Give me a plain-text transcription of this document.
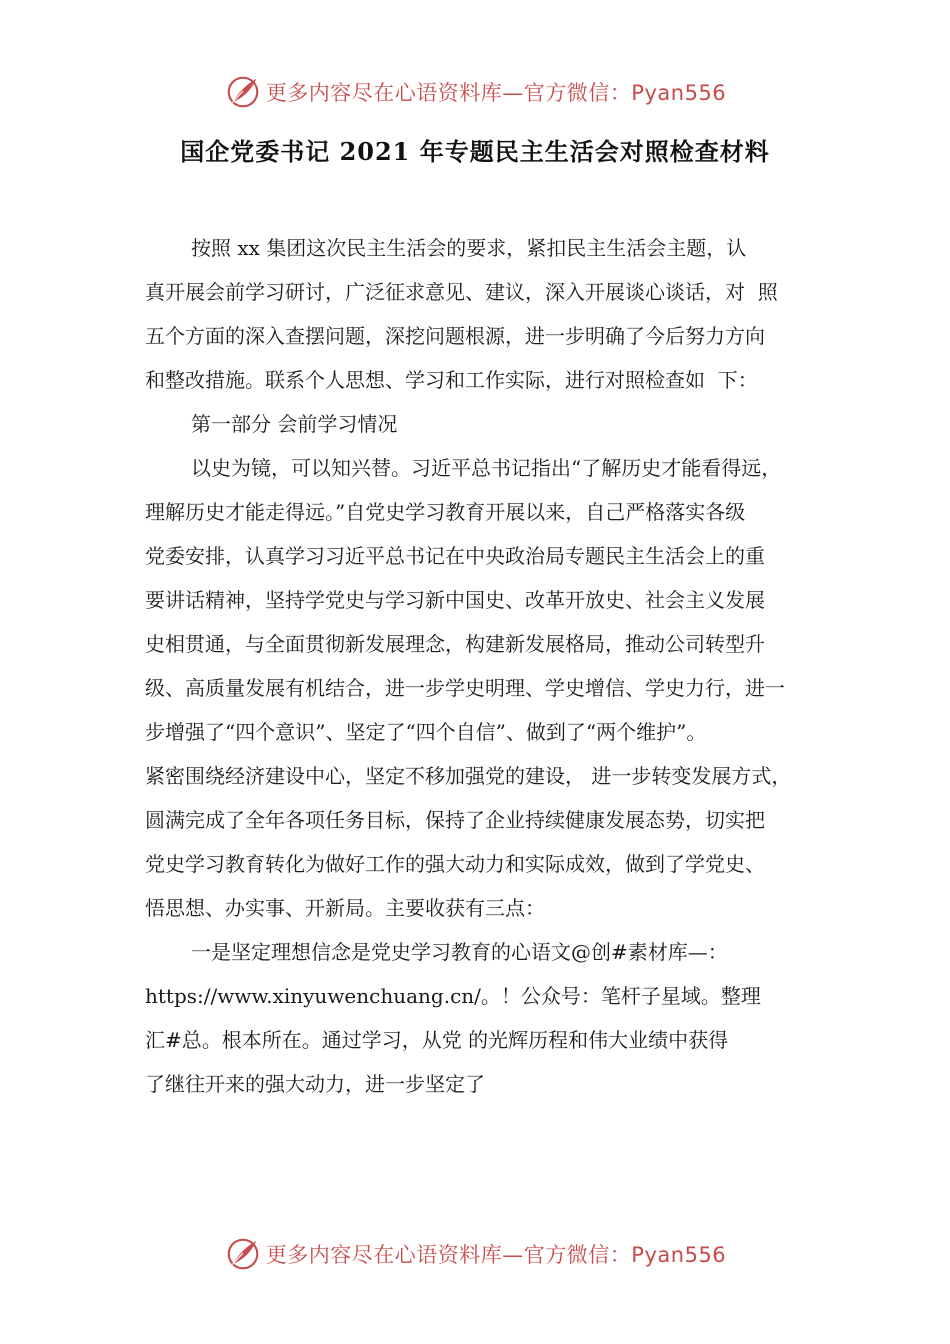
更多内容尽在心语资料库—官方微信：Pyan556
国企党委书记 2021 年专题民主生活会对照检查材料
按照 xx 集团这次民主生活会的要求，紧扣民主生活会主题，认
真开展会前学习研讨，广泛征求意见、建议，深入开展谈心谈话，对  照
五个方面的深入查摆问题，深挖问题根源，进一步明确了今后努力方向
和整改措施。联系个人思想、学习和工作实际，进行对照检查如  下：
第一部分 会前学习情况
以史为镜，可以知兴替。习近平总书记指出“了解历史才能看得远，
理解历史才能走得远。”自党史学习教育开展以来，自己严格落实各级
党委安排，认真学习习近平总书记在中央政治局专题民主生活会上的重
要讲话精神，坚持学党史与学习新中国史、改革开放史、社会主义发展
史相贯通，与全面贯彻新发展理念，构建新发展格局，推动公司转型升
级、高质量发展有机结合，进一步学史明理、学史增信、学史力行，进一
步增强了“四个意识”、坚定了“四个自信”、做到了“两个维护”。
紧密围绕经济建设中心，坚定不移加强党的建设， 进一步转变发展方式，
圆满完成了全年各项任务目标，保持了企业持续健康发展态势，切实把
党史学习教育转化为做好工作的强大动力和实际成效，做到了学党史、
悟思想、办实事、开新局。主要收获有三点：
一是坚定理想信念是党史学习教育的心语文@创#素材库—：
https://www.xinyuwenchuang.cn/。！公众号：笔杆子星域。整理
汇#总。根本所在。通过学习，从党 的光辉历程和伟大业绩中获得
了继往开来的强大动力，进一步坚定了
更多内容尽在心语资料库—官方微信：Pyan556
